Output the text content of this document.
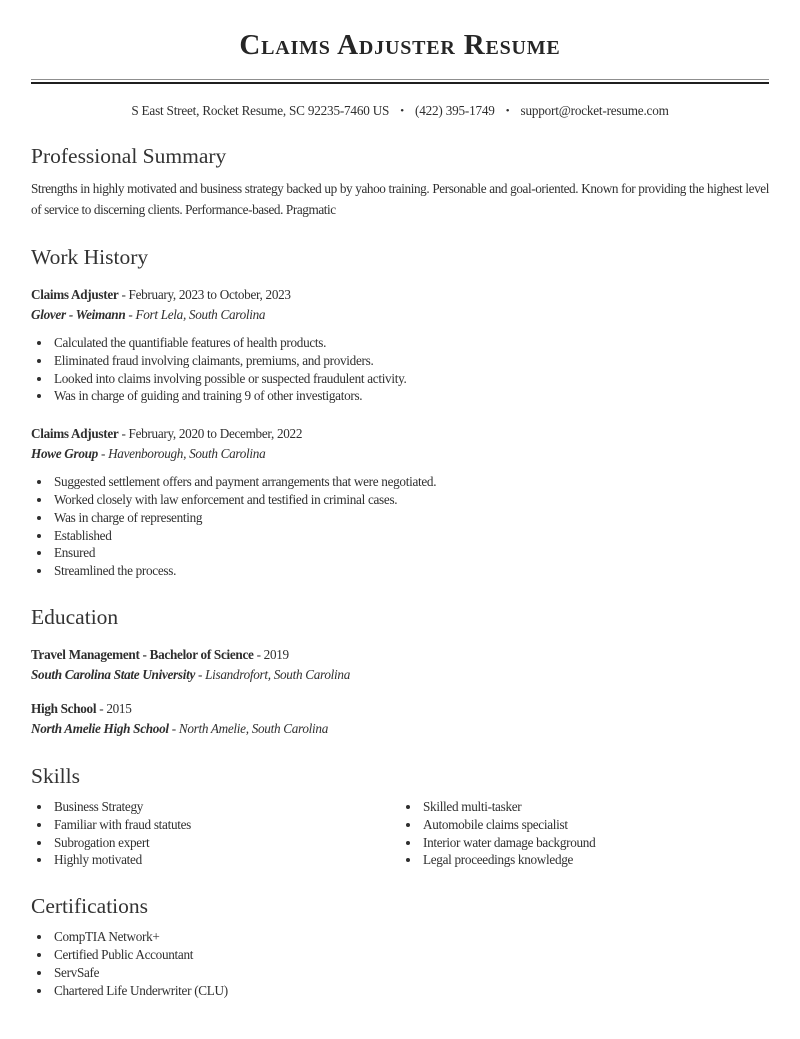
Claims Adjuster Resume
S East Street, Rocket Resume, SC 92235-7460 US • (422) 395-1749 • support@rocket-resume.com
Professional Summary

Strengths in highly motivated and business strategy backed up by yahoo training. Personable and goal-oriented. Known for providing the highest level of service to discerning clients. Performance-based. Pragmatic

Work History
Claims Adjuster - February, 2023 to October, 2023
Glover - Weimann - Fort Lela, South Carolina
• Calculated the quantifiable features of health products.
• Eliminated fraud involving claimants, premiums, and providers.
• Looked into claims involving possible or suspected fraudulent activity.
• Was in charge of guiding and training 9 of other investigators.
Claims Adjuster - February, 2020 to December, 2022
Howe Group - Havenborough, South Carolina
• Suggested settlement offers and payment arrangements that were negotiated.
• Worked closely with law enforcement and testified in criminal cases.
• Was in charge of representing
• Established
• Ensured
• Streamlined the process.
Education
Travel Management - Bachelor of Science - 2019
South Carolina State University - Lisandrofort, South Carolina
High School - 2015
North Amelie High School - North Amelie, South Carolina
Skills
• Business Strategy
• Familiar with fraud statutes
• Subrogation expert
• Highly motivated
• Skilled multi-tasker
• Automobile claims specialist
• Interior water damage background
• Legal proceedings knowledge
Certifications
• CompTIA Network+
• Certified Public Accountant
• ServSafe
• Chartered Life Underwriter (CLU)
